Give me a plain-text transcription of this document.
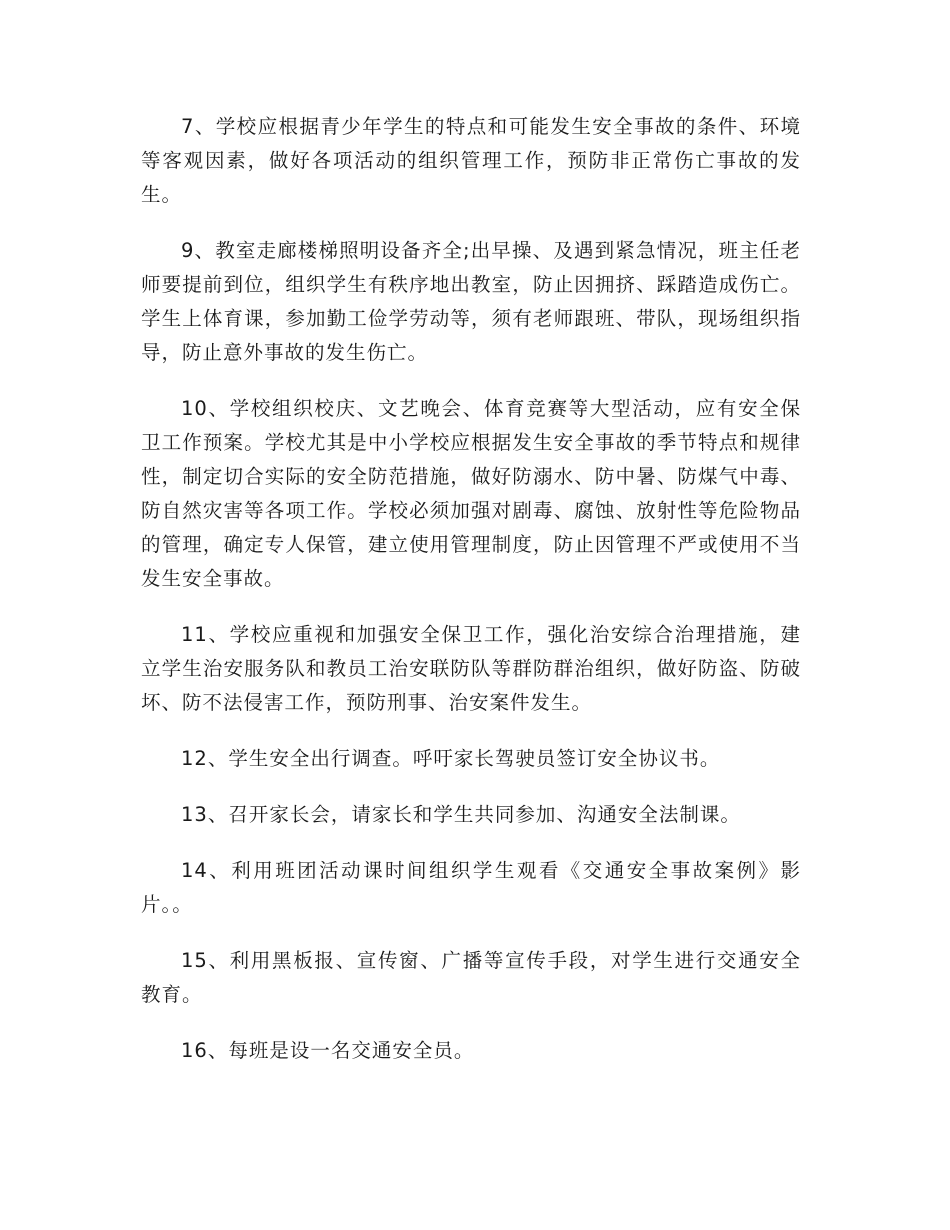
7、学校应根据青少年学生的特点和可能发生安全事故的条件、环境等客观因素，做好各项活动的组织管理工作，预防非正常伤亡事故的发生。

9、教室走廊楼梯照明设备齐全;出早操、及遇到紧急情况，班主任老师要提前到位，组织学生有秩序地出教室，防止因拥挤、踩踏造成伤亡。学生上体育课，参加勤工俭学劳动等，须有老师跟班、带队，现场组织指导，防止意外事故的发生伤亡。

10、学校组织校庆、文艺晚会、体育竞赛等大型活动，应有安全保卫工作预案。学校尤其是中小学校应根据发生安全事故的季节特点和规律性，制定切合实际的安全防范措施，做好防溺水、防中暑、防煤气中毒、防自然灾害等各项工作。学校必须加强对剧毒、腐蚀、放射性等危险物品的管理，确定专人保管，建立使用管理制度，防止因管理不严或使用不当发生安全事故。

11、学校应重视和加强安全保卫工作，强化治安综合治理措施，建立学生治安服务队和教员工治安联防队等群防群治组织，做好防盗、防破坏、防不法侵害工作，预防刑事、治安案件发生。

12、学生安全出行调查。呼吁家长驾驶员签订安全协议书。

13、召开家长会，请家长和学生共同参加、沟通安全法制课。

14、利用班团活动课时间组织学生观看《交通安全事故案例》影片。。

15、利用黑板报、宣传窗、广播等宣传手段，对学生进行交通安全教育。

16、每班是设一名交通安全员。
